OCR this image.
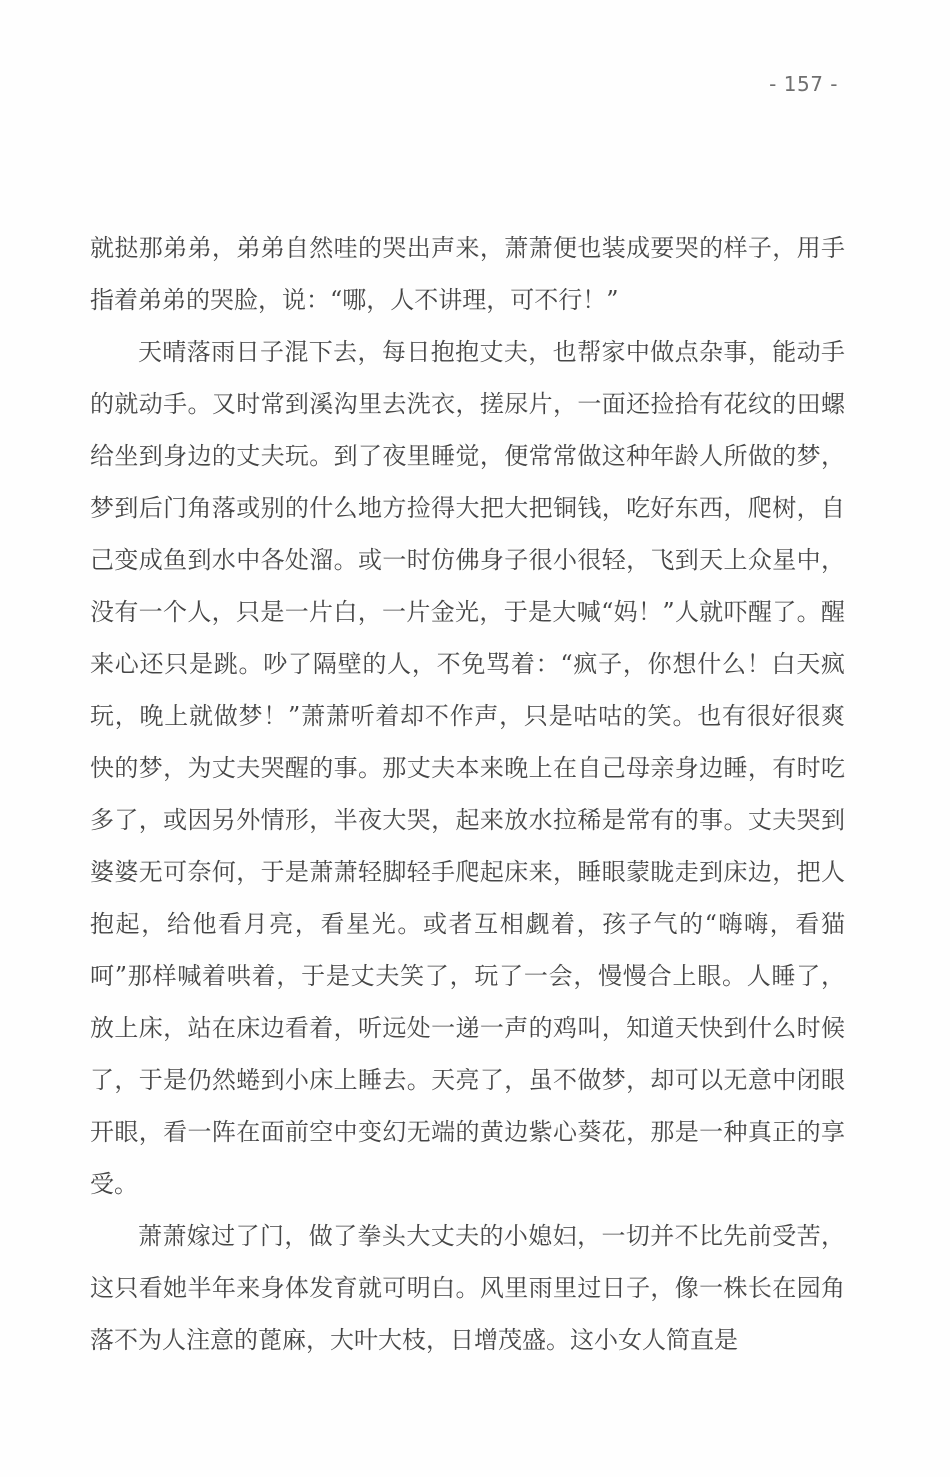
- 157 -

就挞那弟弟，弟弟自然哇的哭出声来，萧萧便也装成要哭的样子，用手指着弟弟的哭脸，说：“哪，人不讲理，可不行！”

天晴落雨日子混下去，每日抱抱丈夫，也帮家中做点杂事，能动手的就动手。又时常到溪沟里去洗衣，搓尿片，一面还捡拾有花纹的田螺给坐到身边的丈夫玩。到了夜里睡觉，便常常做这种年龄人所做的梦，梦到后门角落或别的什么地方捡得大把大把铜钱，吃好东西，爬树，自己变成鱼到水中各处溜。或一时仿佛身子很小很轻，飞到天上众星中，没有一个人，只是一片白，一片金光，于是大喊“妈！”人就吓醒了。醒来心还只是跳。吵了隔壁的人，不免骂着：“疯子，你想什么！白天疯玩，晚上就做梦！”萧萧听着却不作声，只是咕咕的笑。也有很好很爽快的梦，为丈夫哭醒的事。那丈夫本来晚上在自己母亲身边睡，有时吃多了，或因另外情形，半夜大哭，起来放水拉稀是常有的事。丈夫哭到婆婆无可奈何，于是萧萧轻脚轻手爬起床来，睡眼蒙眬走到床边，把人抱起，给他看月亮，看星光。或者互相觑着，孩子气的“嗨嗨，看猫呵”那样喊着哄着，于是丈夫笑了，玩了一会，慢慢合上眼。人睡了，放上床，站在床边看着，听远处一递一声的鸡叫，知道天快到什么时候了，于是仍然蜷到小床上睡去。天亮了，虽不做梦，却可以无意中闭眼开眼，看一阵在面前空中变幻无端的黄边紫心葵花，那是一种真正的享受。

萧萧嫁过了门，做了拳头大丈夫的小媳妇，一切并不比先前受苦，这只看她半年来身体发育就可明白。风里雨里过日子，像一株长在园角落不为人注意的蓖麻，大叶大枝，日增茂盛。这小女人简直是
